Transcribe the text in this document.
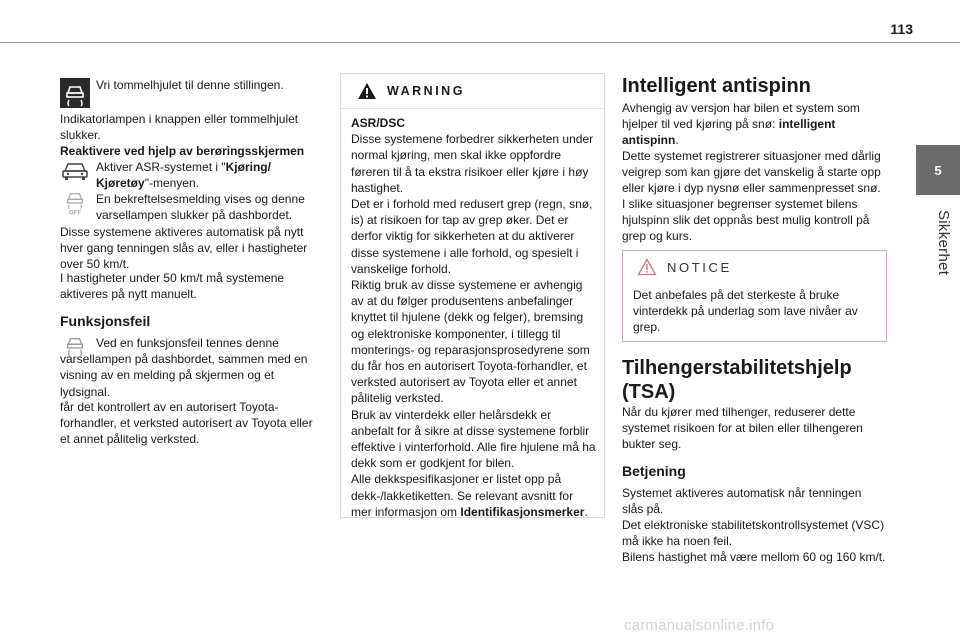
113
5
Sikkerhet

Vri tommelhjulet til denne stillingen.

Indikatorlampen i knappen eller tommelhjulet slukker.

Reaktivere ved hjelp av berøringsskjermen

Aktiver ASR-systemet i "Kjøring/ Kjøretøy"-menyen.

OFF

En bekreftelsesmelding vises og denne varsellampen slukker på dashbordet.

Disse systemene aktiveres automatisk på nytt hver gang tenningen slås av, eller i hastigheter over 50 km/t.

I hastigheter under 50 km/t må systemene aktiveres på nytt manuelt.

Funksjonsfeil

Ved en funksjonsfeil tennes denne varsellampen på dashbordet, sammen med en visning av en melding på skjermen og et lydsignal.

får det kontrollert av en autorisert Toyota-forhandler, et verksted autorisert av Toyota eller et annet pålitelig verksted.

WARNING

ASR/DSC

Disse systemene forbedrer sikkerheten under normal kjøring, men skal ikke oppfordre føreren til å ta ekstra risikoer eller kjøre i høy hastighet.

Det er i forhold med redusert grep (regn, snø, is) at risikoen for tap av grep øker. Det er derfor viktig for sikkerheten at du aktiverer disse systemene i alle forhold, og spesielt i vanskelige forhold.

Riktig bruk av disse systemene er avhengig av at du følger produsentens anbefalinger knyttet til hjulene (dekk og felger), bremsing og elektroniske komponenter, i tillegg til monterings- og reparasjonsprosedyrene som du får hos en autorisert Toyota-forhandler, et verksted autorisert av Toyota eller et annet pålitelig verksted.

Bruk av vinterdekk eller helårsdekk er anbefalt for å sikre at disse systemene forblir effektive i vinterforhold. Alle fire hjulene må ha dekk som er godkjent for bilen.

Alle dekkspesifikasjoner er listet opp på dekk-/lakketiketten. Se relevant avsnitt for mer informasjon om Identifikasjonsmerker.

Intelligent antispinn

Avhengig av versjon har bilen et system som hjelper til ved kjøring på snø: intelligent antispinn.

Dette systemet registrerer situasjoner med dårlig veigrep som kan gjøre det vanskelig å starte opp eller kjøre i dyp nysnø eller sammenpresset snø.

I slike situasjoner begrenser systemet bilens hjulspinn slik det oppnås best mulig kontroll på grep og kurs.

Tilhengerstabilitetshjelp (TSA)

Når du kjører med tilhenger, reduserer dette systemet risikoen for at bilen eller tilhengeren bukter seg.

Betjening

Systemet aktiveres automatisk når tenningen slås på.

Det elektroniske stabilitetskontrollsystemet (VSC) må ikke ha noen feil.

Bilens hastighet må være mellom 60 og 160 km/t.

NOTICE

Det anbefales på det sterkeste å bruke vinterdekk på underlag som lave nivåer av grep.

carmanualsonline.info
